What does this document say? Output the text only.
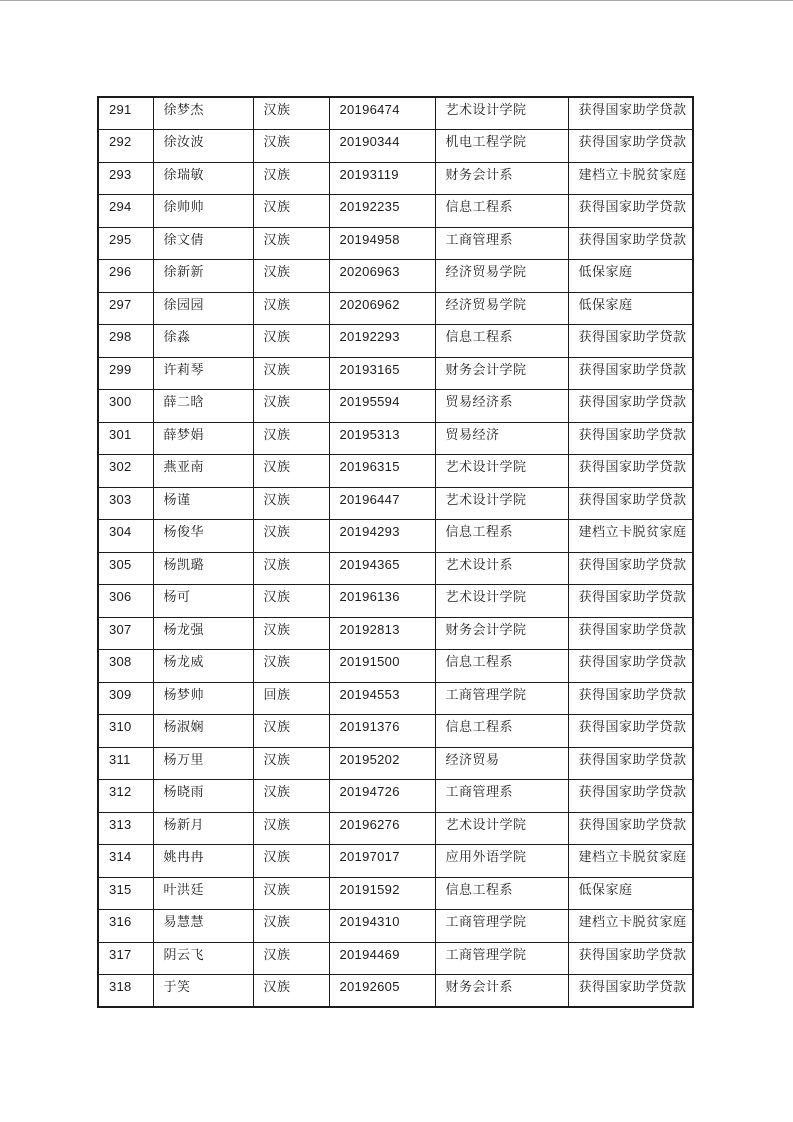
291	徐梦杰	汉族	20196474	艺术设计学院	获得国家助学贷款
292	徐汝波	汉族	20190344	机电工程学院	获得国家助学贷款
293	徐瑞敏	汉族	20193119	财务会计系	建档立卡脱贫家庭
294	徐帅帅	汉族	20192235	信息工程系	获得国家助学贷款
295	徐文倩	汉族	20194958	工商管理系	获得国家助学贷款
296	徐新新	汉族	20206963	经济贸易学院	低保家庭
297	徐园园	汉族	20206962	经济贸易学院	低保家庭
298	徐淼	汉族	20192293	信息工程系	获得国家助学贷款
299	许莉琴	汉族	20193165	财务会计学院	获得国家助学贷款
300	薛二晗	汉族	20195594	贸易经济系	获得国家助学贷款
301	薛梦娟	汉族	20195313	贸易经济	获得国家助学贷款
302	燕亚南	汉族	20196315	艺术设计学院	获得国家助学贷款
303	杨谨	汉族	20196447	艺术设计学院	获得国家助学贷款
304	杨俊华	汉族	20194293	信息工程系	建档立卡脱贫家庭
305	杨凯璐	汉族	20194365	艺术设计系	获得国家助学贷款
306	杨可	汉族	20196136	艺术设计学院	获得国家助学贷款
307	杨龙强	汉族	20192813	财务会计学院	获得国家助学贷款
308	杨龙威	汉族	20191500	信息工程系	获得国家助学贷款
309	杨梦帅	回族	20194553	工商管理学院	获得国家助学贷款
310	杨淑娴	汉族	20191376	信息工程系	获得国家助学贷款
311	杨万里	汉族	20195202	经济贸易	获得国家助学贷款
312	杨晓雨	汉族	20194726	工商管理系	获得国家助学贷款
313	杨新月	汉族	20196276	艺术设计学院	获得国家助学贷款
314	姚冉冉	汉族	20197017	应用外语学院	建档立卡脱贫家庭
315	叶洪廷	汉族	20191592	信息工程系	低保家庭
316	易慧慧	汉族	20194310	工商管理学院	建档立卡脱贫家庭
317	阴云飞	汉族	20194469	工商管理学院	获得国家助学贷款
318	于笑	汉族	20192605	财务会计系	获得国家助学贷款
